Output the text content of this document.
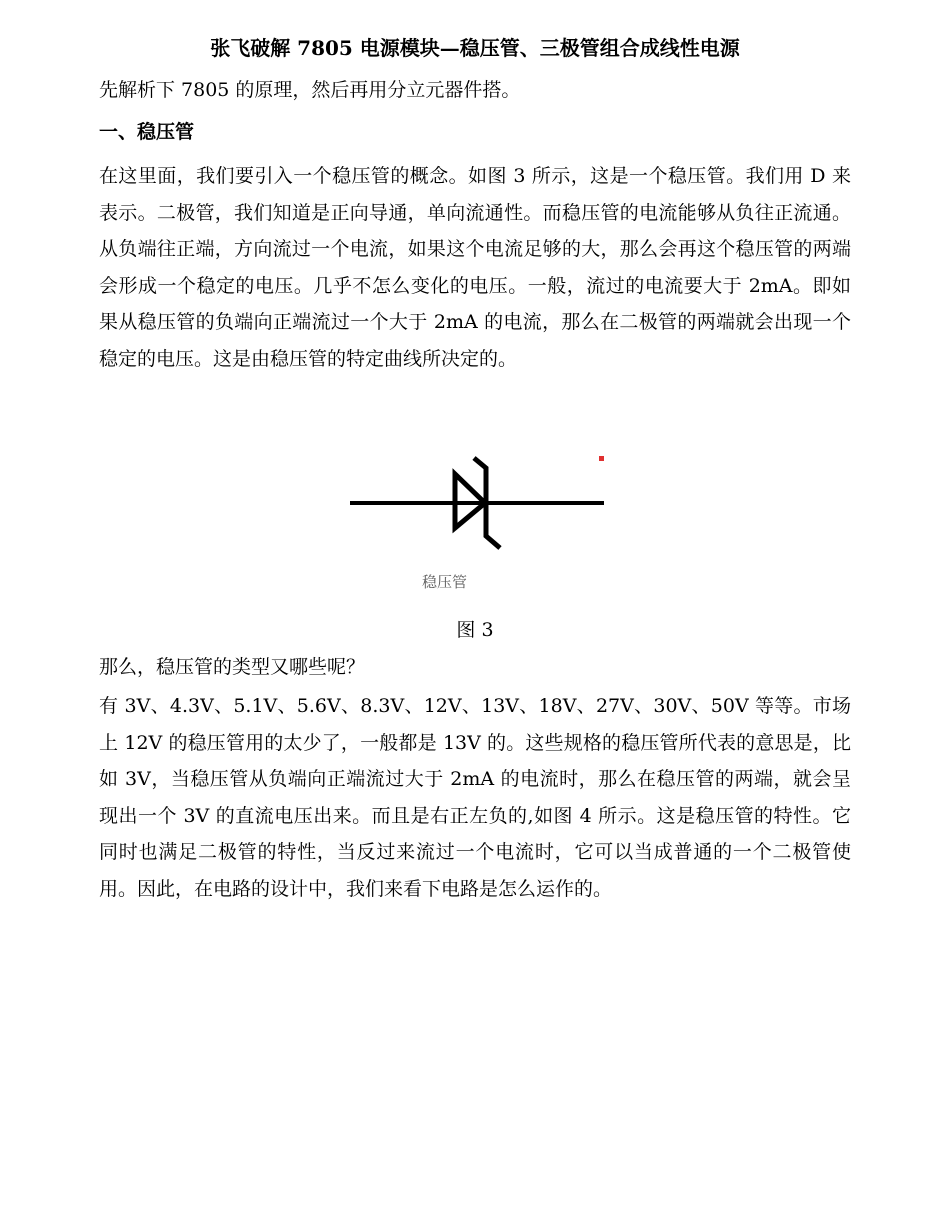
张飞破解 7805 电源模块—稳压管、三极管组合成线性电源
先解析下 7805 的原理，然后再用分立元器件搭。
一、稳压管

在这里面，我们要引入一个稳压管的概念。如图 3 所示，这是一个稳压管。我们用 D 来表示。二极管，我们知道是正向导通，单向流通性。而稳压管的电流能够从负往正流通。从负端往正端，方向流过一个电流，如果这个电流足够的大，那么会再这个稳压管的两端会形成一个稳定的电压。几乎不怎么变化的电压。一般，流过的电流要大于 2mA。即如果从稳压管的负端向正端流过一个大于 2mA 的电流，那么在二极管的两端就会出现一个稳定的电压。这是由稳压管的特定曲线所决定的。

稳压管
图 3
那么，稳压管的类型又哪些呢？

有 3V、4.3V、5.1V、5.6V、8.3V、12V、13V、18V、27V、30V、50V 等等。市场上 12V 的稳压管用的太少了，一般都是 13V 的。这些规格的稳压管所代表的意思是，比如 3V，当稳压管从负端向正端流过大于 2mA 的电流时，那么在稳压管的两端，就会呈现出一个 3V 的直流电压出来。而且是右正左负的,如图 4 所示。这是稳压管的特性。它同时也满足二极管的特性，当反过来流过一个电流时，它可以当成普通的一个二极管使用。因此，在电路的设计中，我们来看下电路是怎么运作的。
